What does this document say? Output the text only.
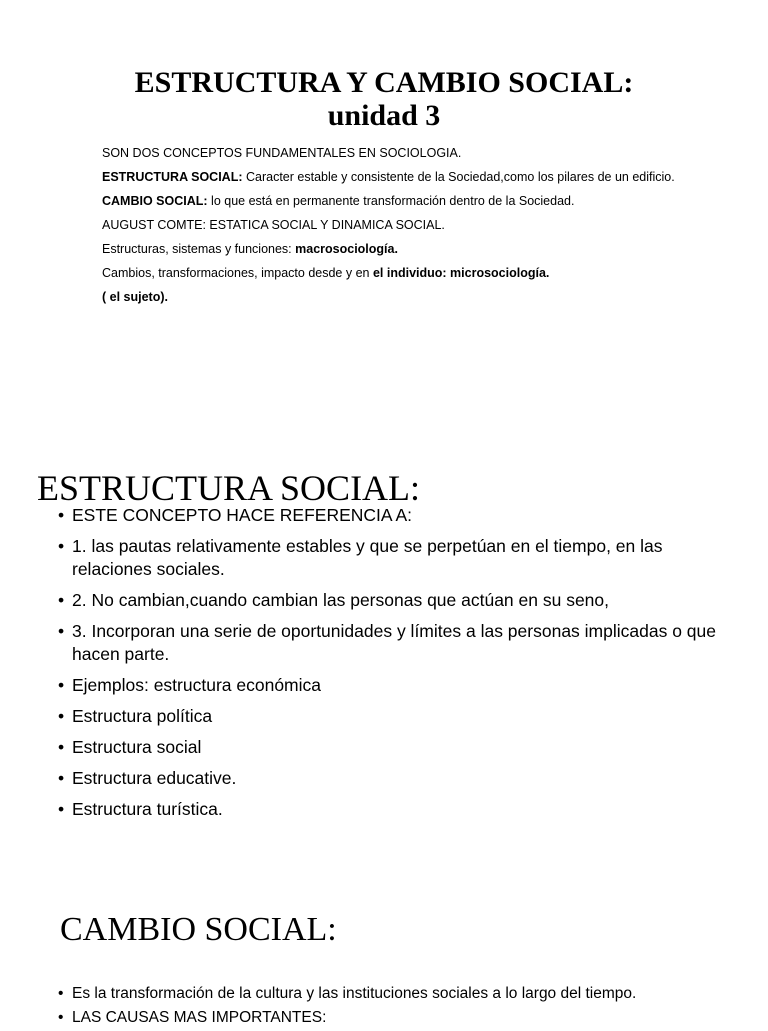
ESTRUCTURA Y CAMBIO SOCIAL:
unidad 3

SON DOS CONCEPTOS FUNDAMENTALES EN SOCIOLOGIA.

ESTRUCTURA SOCIAL: Caracter estable y consistente de la Sociedad,como los pilares de un edificio.

CAMBIO SOCIAL: lo que está en permanente transformación dentro de la Sociedad.

AUGUST COMTE: ESTATICA SOCIAL Y DINAMICA SOCIAL.

Estructuras, sistemas y funciones: macrosociología.

Cambios, transformaciones, impacto desde y en el individuo: microsociología.

( el sujeto).

ESTRUCTURA SOCIAL:
• ESTE CONCEPTO HACE REFERENCIA A:
• 1. las pautas relativamente estables y que se perpetúan en el tiempo, en las relaciones sociales.
• 2. No cambian,cuando cambian las personas que actúan en su seno,
• 3. Incorporan una serie de oportunidades y límites a las personas implicadas o que hacen parte.
• Ejemplos: estructura económica
• Estructura política
• Estructura social
• Estructura educative.
• Estructura turística.
CAMBIO SOCIAL:
• Es la transformación de la cultura y las instituciones sociales a lo largo del tiempo.
• LAS CAUSAS MAS IMPORTANTES:
